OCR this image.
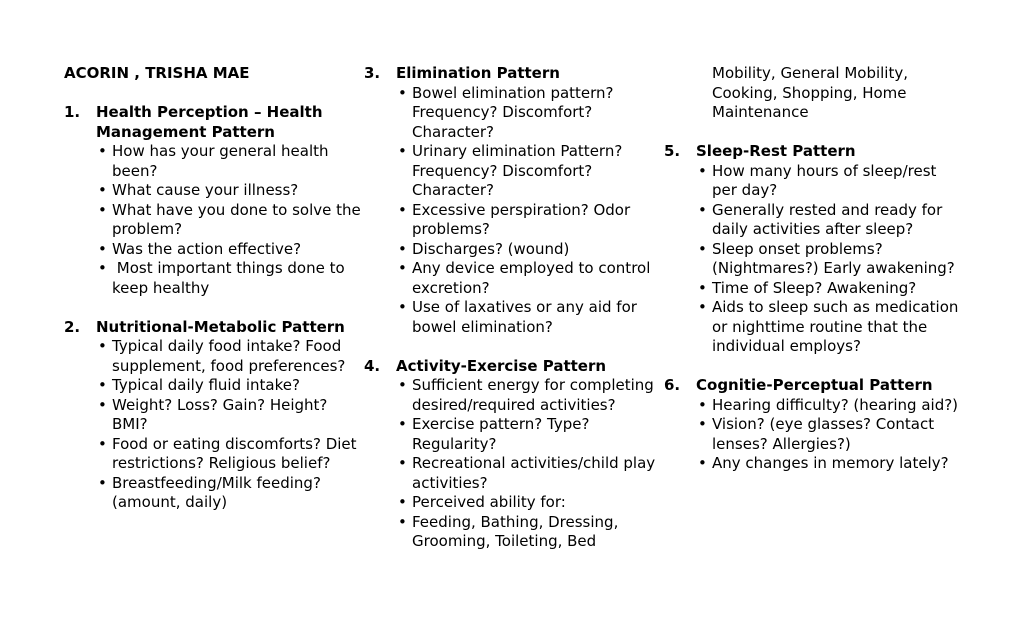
ACORIN , TRISHA MAE
1. Health Perception – Health Management Pattern
• How has your general health been?
• What cause your illness?
• What have you done to solve the problem?
• Was the action effective?
• Most important things done to keep healthy
2. Nutritional-Metabolic Pattern
• Typical daily food intake? Food supplement, food preferences?
• Typical daily fluid intake?
• Weight? Loss? Gain? Height? BMI?
• Food or eating discomforts? Diet restrictions? Religious belief?
• Breastfeeding/Milk feeding? (amount, daily)
3. Elimination Pattern
• Bowel elimination pattern? Frequency? Discomfort? Character?
• Urinary elimination Pattern? Frequency? Discomfort? Character?
• Excessive perspiration? Odor problems?
• Discharges? (wound)
• Any device employed to control excretion?
• Use of laxatives or any aid for bowel elimination?
4. Activity-Exercise Pattern
• Sufficient energy for completing desired/required activities?
• Exercise pattern? Type? Regularity?
• Recreational activities/child play activities?
• Perceived ability for:
• Feeding, Bathing, Dressing, Grooming, Toileting, Bed
Mobility, General Mobility, Cooking, Shopping, Home Maintenance
5. Sleep-Rest Pattern
• How many hours of sleep/rest per day?
• Generally rested and ready for daily activities after sleep?
• Sleep onset problems? (Nightmares?) Early awakening?
• Time of Sleep? Awakening?
• Aids to sleep such as medication or nighttime routine that the individual employs?
6. Cognitie-Perceptual Pattern
• Hearing difficulty? (hearing aid?)
• Vision? (eye glasses? Contact lenses? Allergies?)
• Any changes in memory lately?
